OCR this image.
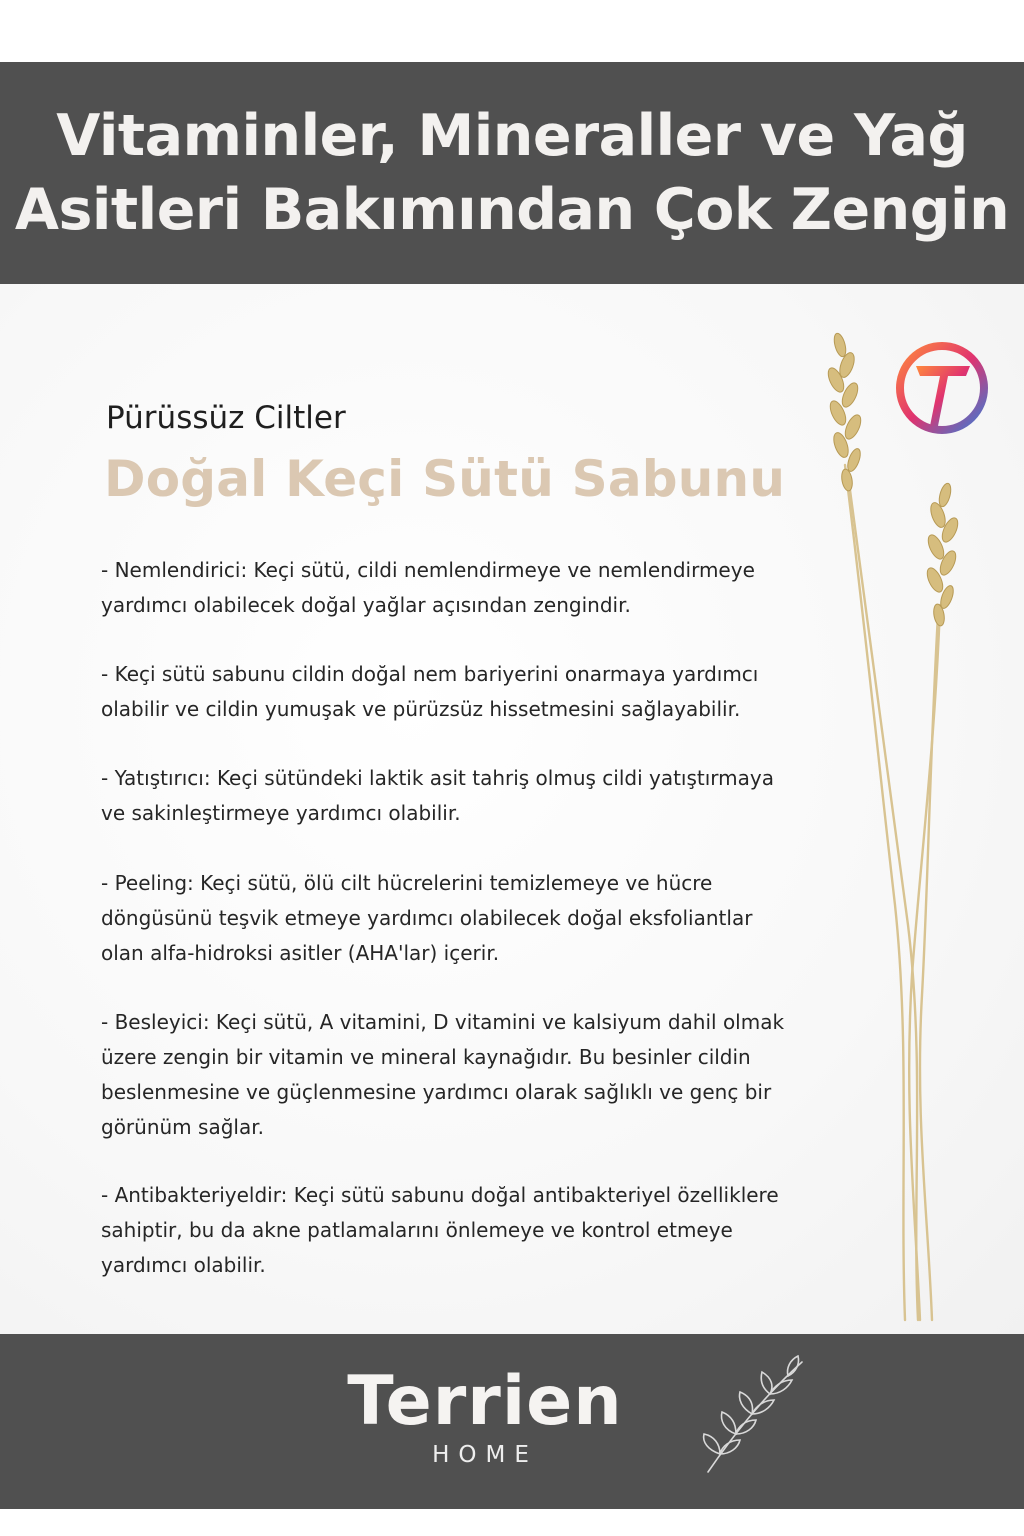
Vitaminler, Mineraller ve Yağ
Asitleri Bakımından Çok Zengin
Pürüssüz Ciltler
Doğal Keçi Sütü Sabunu
- Nemlendirici: Keçi sütü, cildi nemlendirmeye ve nemlendirmeye
yardımcı olabilecek doğal yağlar açısından zengindir.
- Keçi sütü sabunu cildin doğal nem bariyerini onarmaya yardımcı
olabilir ve cildin yumuşak ve pürüzsüz hissetmesini sağlayabilir.
- Yatıştırıcı: Keçi sütündeki laktik asit tahriş olmuş cildi yatıştırmaya
ve sakinleştirmeye yardımcı olabilir.
- Peeling: Keçi sütü, ölü cilt hücrelerini temizlemeye ve hücre
döngüsünü teşvik etmeye yardımcı olabilecek doğal eksfoliantlar
olan alfa-hidroksi asitler (AHA'lar) içerir.
- Besleyici: Keçi sütü, A vitamini, D vitamini ve kalsiyum dahil olmak
üzere zengin bir vitamin ve mineral kaynağıdır. Bu besinler cildin
beslenmesine ve güçlenmesine yardımcı olarak sağlıklı ve genç bir
görünüm sağlar.
- Antibakteriyeldir: Keçi sütü sabunu doğal antibakteriyel özelliklere
sahiptir, bu da akne patlamalarını önlemeye ve kontrol etmeye
yardımcı olabilir.
Terrien
HOME
